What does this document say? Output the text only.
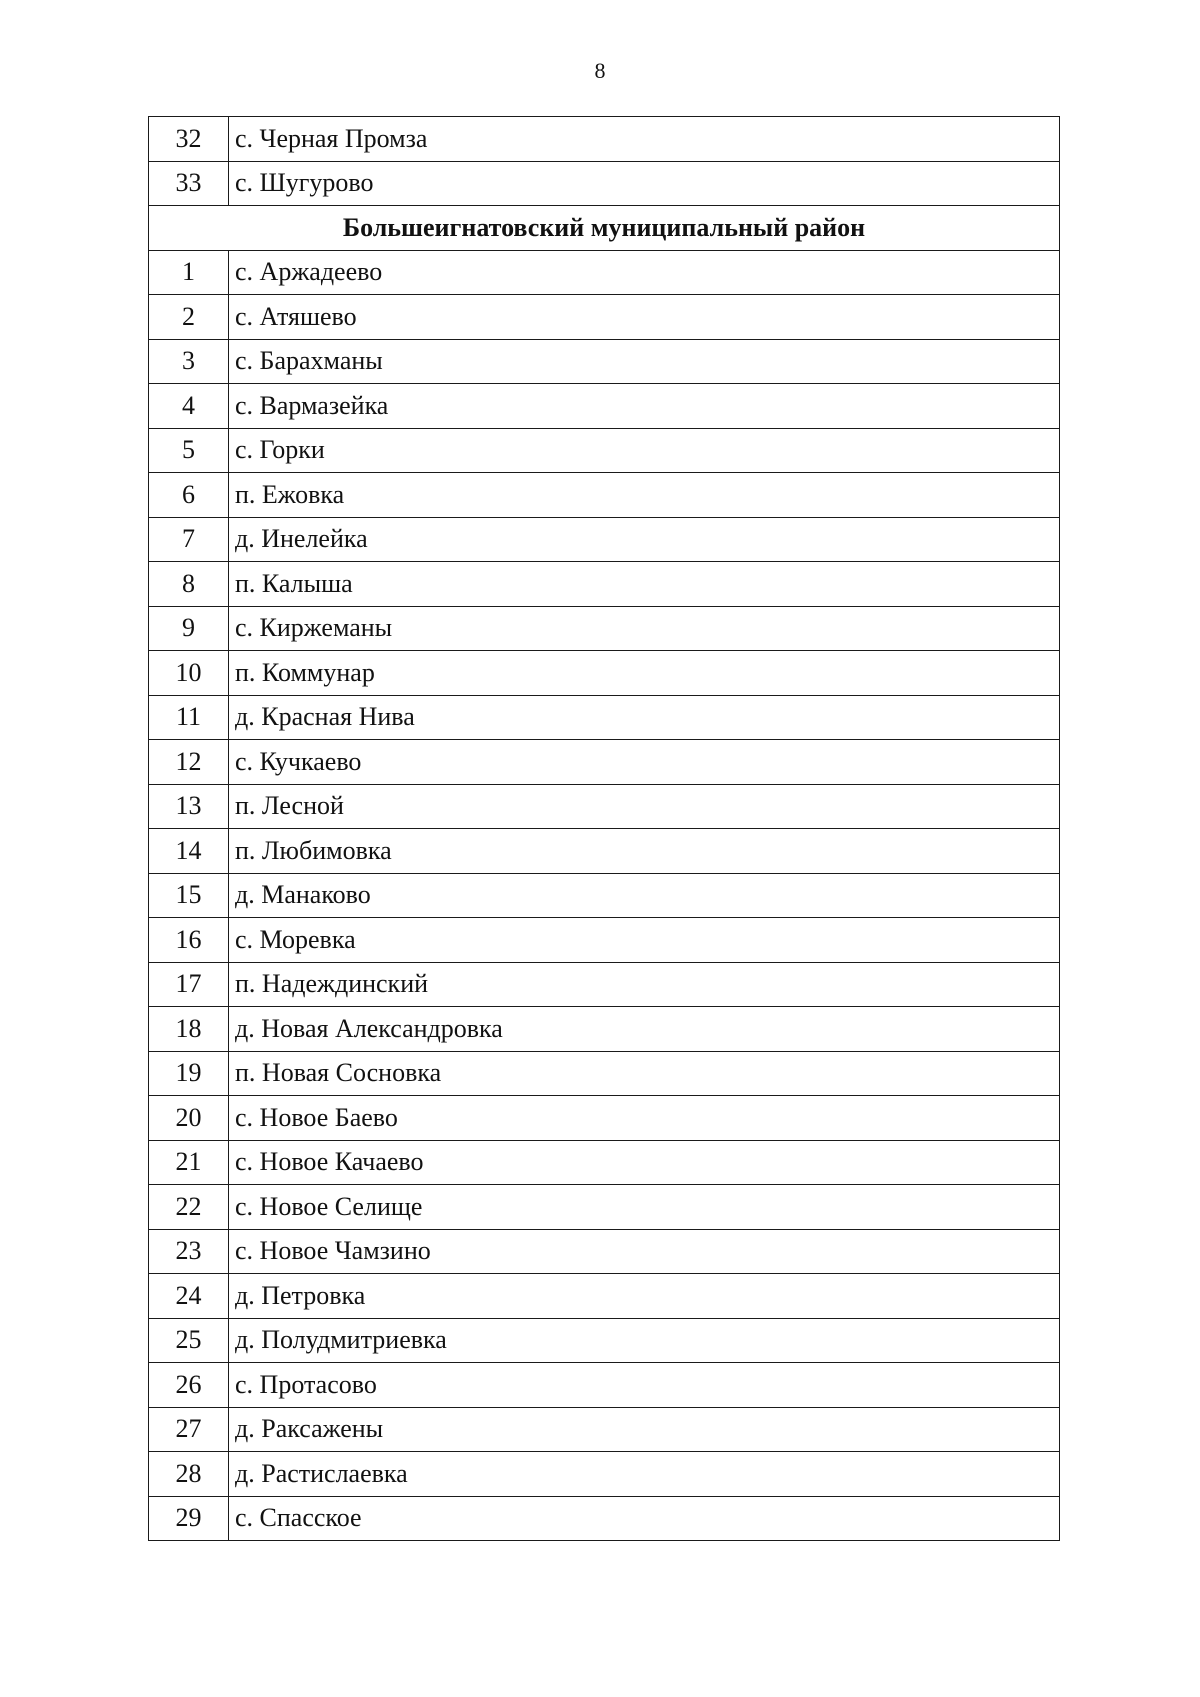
8
32	с. Черная Промза
33	с. Шугурово
Большеигнатовский муниципальный район	
1	с. Аржадеево
2	с. Атяшево
3	с. Барахманы
4	с. Вармазейка
5	с. Горки
6	п. Ежовка
7	д. Инелейка
8	п. Калыша
9	с. Киржеманы
10	п. Коммунар
11	д. Красная Нива
12	с. Кучкаево
13	п. Лесной
14	п. Любимовка
15	д. Манаково
16	с. Моревка
17	п. Надеждинский
18	д. Новая Александровка
19	п. Новая Сосновка
20	с. Новое Баево
21	с. Новое Качаево
22	с. Новое Селище
23	с. Новое Чамзино
24	д. Петровка
25	д. Полудмитриевка
26	с. Протасово
27	д. Раксажены
28	д. Растислаевка
29	с. Спасское
